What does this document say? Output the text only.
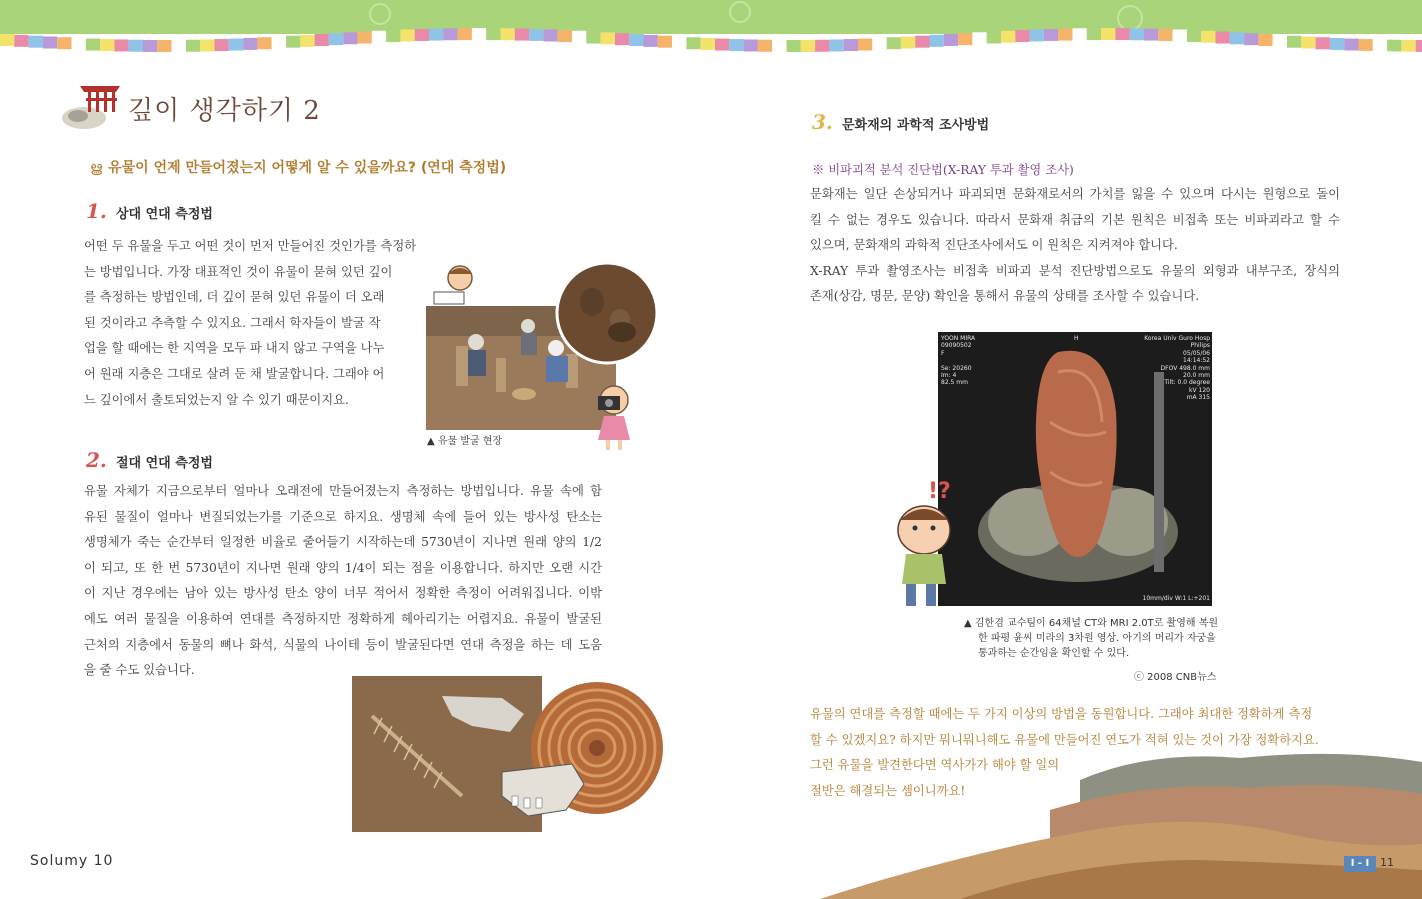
깊이 생각하기 2
ൠ 유물이 언제 만들어졌는지 어떻게 알 수 있을까요? (연대 측정법)
1. 상대 연대 측정법
어떤 두 유물을 두고 어떤 것이 먼저 만들어진 것인가를 측정하
는 방법입니다. 가장 대표적인 것이 유물이 묻혀 있던 깊이
를 측정하는 방법인데, 더 깊이 묻혀 있던 유물이 더 오래
된 것이라고 추측할 수 있지요. 그래서 학자들이 발굴 작
업을 할 때에는 한 지역을 모두 파 내지 않고 구역을 나누
어 원래 지층은 그대로 살려 둔 채 발굴합니다. 그래야 어
느 깊이에서 출토되었는지 알 수 있기 때문이지요.
▲ 유물 발굴 현장
2. 절대 연대 측정법
유물 자체가 지금으로부터 얼마나 오래전에 만들어졌는지 측정하는 방법입니다. 유물 속에 함
유된 물질이 얼마나 변질되었는가를 기준으로 하지요. 생명체 속에 들어 있는 방사성 탄소는
생명체가 죽는 순간부터 일정한 비율로 줄어들기 시작하는데 5730년이 지나면 원래 양의 1/2
이 되고, 또 한 번 5730년이 지나면 원래 양의 1/4이 되는 점을 이용합니다. 하지만 오랜 시간
이 지난 경우에는 남아 있는 방사성 탄소 양이 너무 적어서 정확한 측정이 어려워집니다. 이밖
에도 여러 물질을 이용하여 연대를 측정하지만 정확하게 헤아리기는 어렵지요. 유물이 발굴된
근처의 지층에서 동물의 뼈나 화석, 식물의 나이테 등이 발굴된다면 연대 측정을 하는 데 도움
을 줄 수도 있습니다.
3. 문화재의 과학적 조사방법
※ 비파괴적 분석 진단법(X-RAY 투과 촬영 조사)
문화재는 일단 손상되거나 파괴되면 문화재로서의 가치를 잃을 수 있으며 다시는 원형으로 돌이
킬 수 없는 경우도 있습니다. 따라서 문화재 취급의 기본 원칙은 비접촉 또는 비파괴라고 할 수
있으며, 문화재의 과학적 진단조사에서도 이 원칙은 지켜져야 합니다.
X-RAY 투과 촬영조사는 비접촉 비파괴 분석 진단방법으로도 유물의 외형과 내부구조, 장식의
존재(상감, 명문, 문양) 확인을 통해서 유물의 상태를 조사할 수 있습니다.
YOON MIRA
09090502
F

Se: 20260
Im: 4
82.5 mm
H	Korea Univ Guro Hosp
Philips
05/05/06
14:14:52
DFOV 498.0 mm
20.0 mm
Tilt: 0.0 degree
kV 120
mA 315
10mm/div W:1 L:+201
!?
▲ 김한겸 교수팀이 64채널 CT와 MRI 2.0T로 촬영해 복원
한 파평 윤씨 미라의 3차원 영상. 아기의 머리가 자궁을
통과하는 순간임을 확인할 수 있다.
ⓒ 2008 CNB뉴스
유물의 연대를 측정할 때에는 두 가지 이상의 방법을 동원합니다. 그래야 최대한 정확하게 측정
할 수 있겠지요? 하지만 뭐니뭐니해도 유물에 만들어진 연도가 적혀 있는 것이 가장 정확하지요.
그런 유물을 발견한다면 역사가가 해야 할 일의
절반은 해결되는 셈이니까요!
Solumy 10	I - I 11
